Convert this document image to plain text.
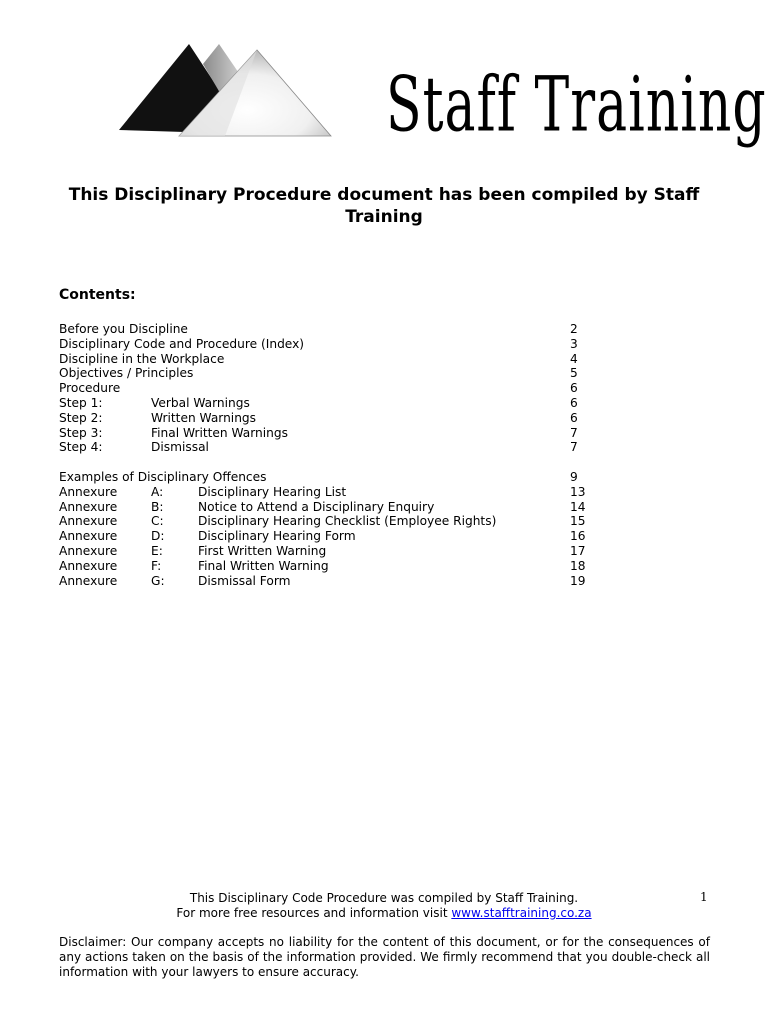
Staff Training
This Disciplinary Procedure document has been compiled by Staff Training
Contents:
Before you Discipline	2
Disciplinary Code and Procedure (Index)	3
Discipline in the Workplace	4
Objectives / Principles	5
Procedure	6
Step 1:	Verbal Warnings	6
Step 2:	Written Warnings	6
Step 3:	Final Written Warnings	7
Step 4:	Dismissal	7
Examples of Disciplinary Offences	9
Annexure	A:	Disciplinary Hearing List	13
Annexure	B:	Notice to Attend a Disciplinary Enquiry	14
Annexure	C:	Disciplinary Hearing Checklist (Employee Rights)	15
Annexure	D:	Disciplinary Hearing Form	16
Annexure	E:	First Written Warning	17
Annexure	F:	Final Written Warning	18
Annexure	G:	Dismissal Form	19
This Disciplinary Code Procedure was compiled by Staff Training.
For more free resources and information visit www.stafftraining.co.za
1
Disclaimer: Our company accepts no liability for the content of this document, or for the consequences of any actions taken on the basis of the information provided. We firmly recommend that you double-check all information with your lawyers to ensure accuracy.
